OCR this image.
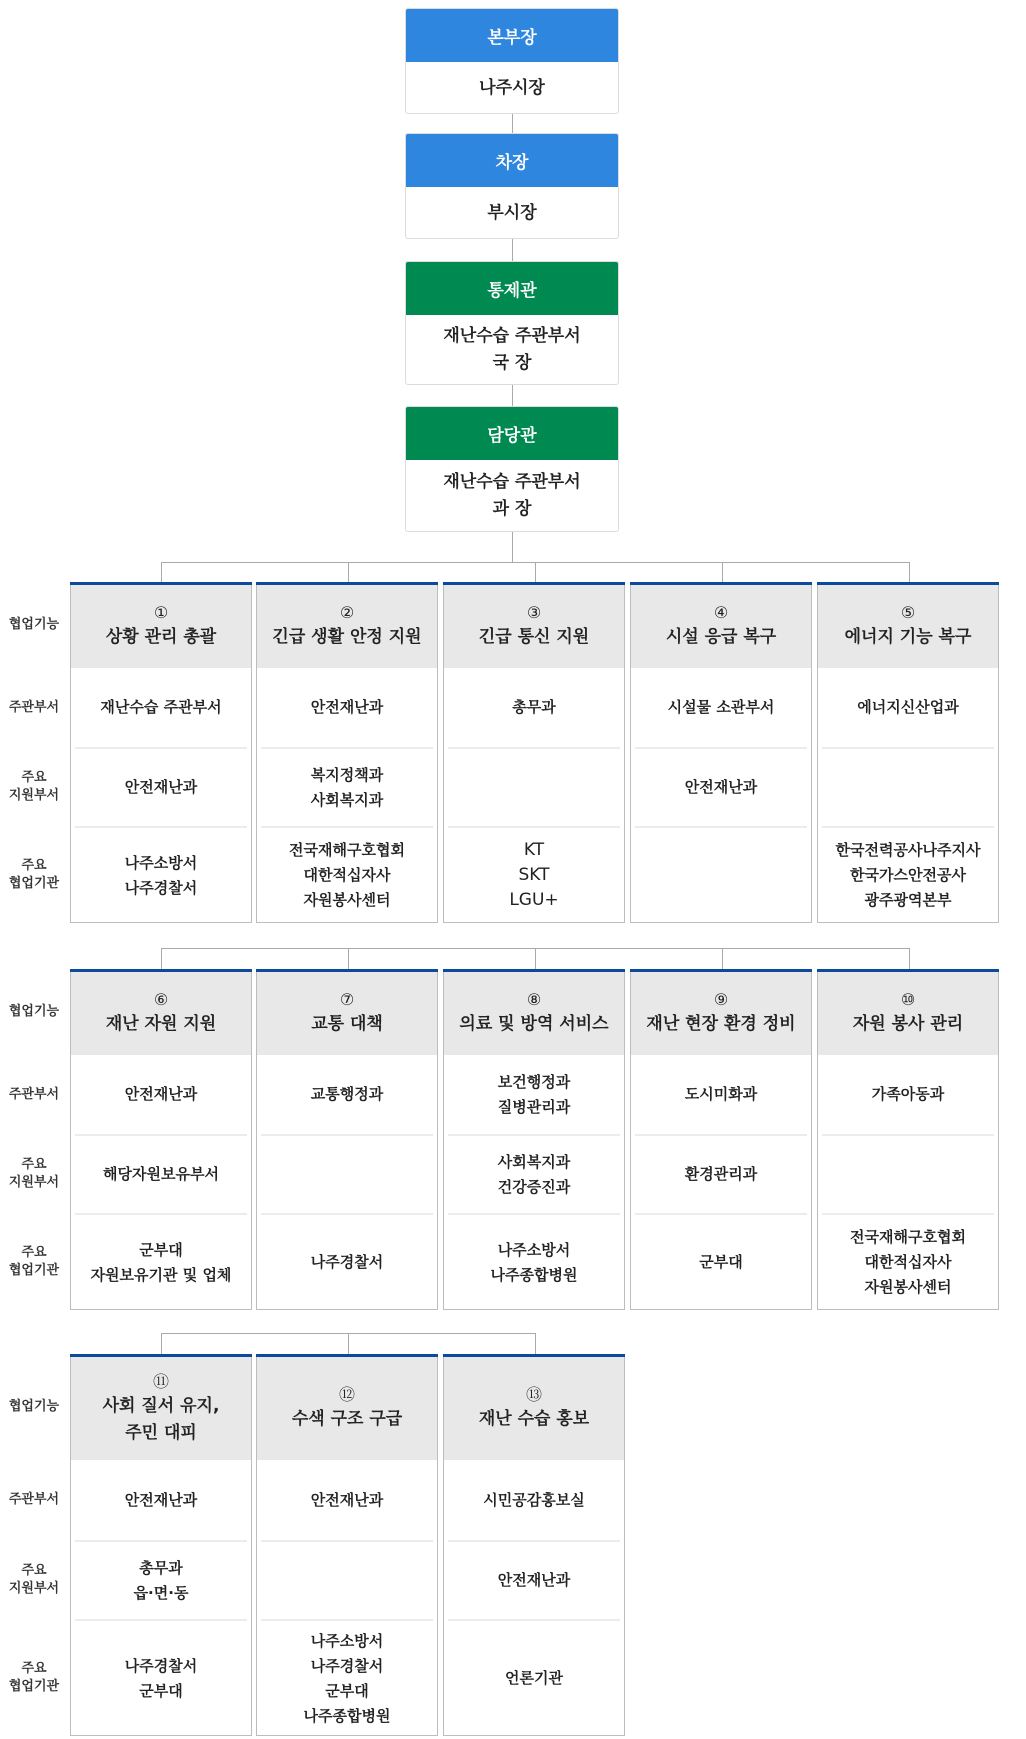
본부장
나주시장
차장
부시장
통제관
재난수습 주관부서
국 장
담당관
재난수습 주관부서
과 장
협업기능
주관부서
주요
지원부서
주요
협업기관
①
상황 관리 총괄
재난수습 주관부서
안전재난과
나주소방서
나주경찰서
②
긴급 생활 안정 지원
안전재난과
복지정책과
사회복지과
전국재해구호협회
대한적십자사
자원봉사센터
③
긴급 통신 지원
총무과
KT
SKT
LGU+
④
시설 응급 복구
시설물 소관부서
안전재난과
⑤
에너지 기능 복구
에너지신산업과
한국전력공사나주지사
한국가스안전공사
광주광역본부
협업기능
주관부서
주요
지원부서
주요
협업기관
⑥
재난 자원 지원
안전재난과
해당자원보유부서
군부대
자원보유기관 및 업체
⑦
교통 대책
교통행정과
나주경찰서
⑧
의료 및 방역 서비스
보건행정과
질병관리과
사회복지과
건강증진과
나주소방서
나주종합병원
⑨
재난 현장 환경 정비
도시미화과
환경관리과
군부대
⑩
자원 봉사 관리
가족아동과
전국재해구호협회
대한적십자사
자원봉사센터
협업기능
주관부서
주요
지원부서
주요
협업기관
⑪
사회 질서 유지,
주민 대피
안전재난과
총무과
읍·면·동
나주경찰서
군부대
⑫
수색 구조 구급
안전재난과
나주소방서
나주경찰서
군부대
나주종합병원
⑬
재난 수습 홍보
시민공감홍보실
안전재난과
언론기관
